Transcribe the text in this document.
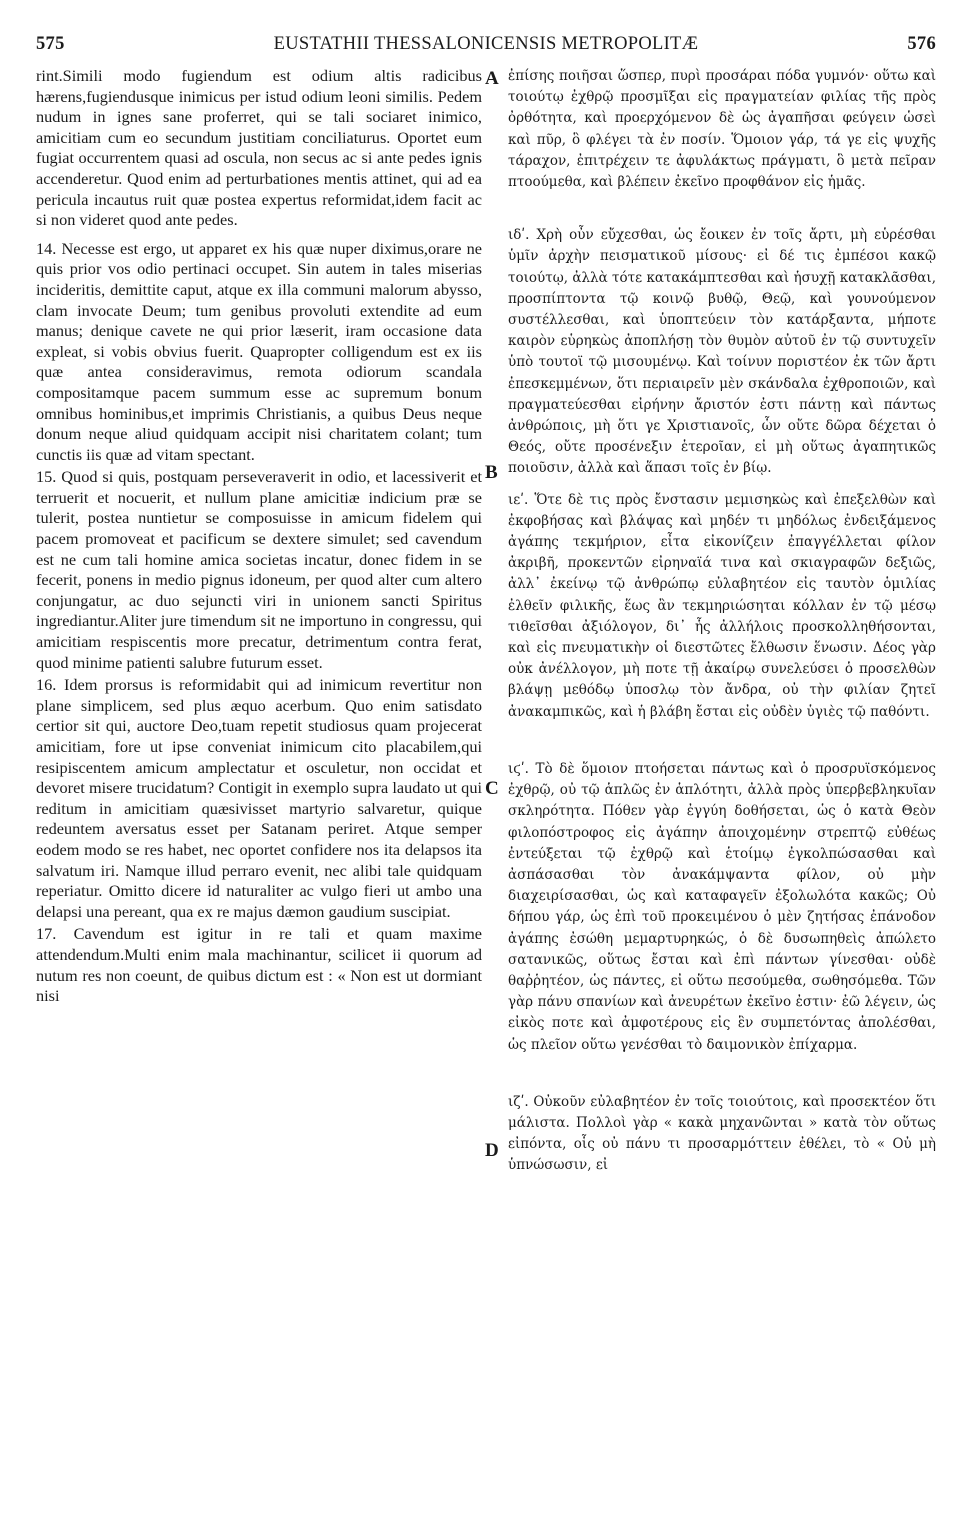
575	EUSTATHII THESSALONICENSIS METROPOLITÆ	576

rint.Simili modo fugiendum est odium altis radicibus hærens,fugiendusque inimicus per istud odium leoni similis. Pedem nudum in ignes sane proferret, qui se tali sociaret inimico, amicitiam cum eo secundum justitiam conciliaturus. Oportet eum fugiat occurrentem quasi ad oscula, non secus ac si ante pedes ignis accenderetur. Quod enim ad perturbationes mentis attinet, qui ad ea pericula incautus ruit quæ postea expertus reformidat,idem facit ac si non videret quod ante pedes.

14. Necesse est ergo, ut apparet ex his quæ nuper diximus,orare ne quis prior vos odio pertinaci occupet. Sin autem in tales miserias incideritis, demittite caput, atque ex illa communi malorum abysso, clam invocate Deum; tum genibus provoluti extendite ad eum manus; denique cavete ne qui prior læserit, iram occasione data expleat, si vobis obvius fuerit. Quapropter colligendum est ex iis quæ antea consideravimus, remota odiorum scandala compositamque pacem summum esse ac supremum bonum omnibus hominibus,et imprimis Christianis, a quibus Deus neque donum neque aliud quidquam accipit nisi charitatem colant; tum cunctis iis quæ ad vitam spectant.

15. Quod si quis, postquam perseveraverit in odio, et lacessiverit et terruerit et nocuerit, et nullum plane amicitiæ indicium præ se tulerit, postea nuntietur se composuisse in amicum fidelem qui pacem promoveat et pacificum se dextere simulet; sed cavendum est ne cum tali homine amica societas incatur, donec fidem in se fecerit, ponens in medio pignus idoneum, per quod alter cum altero conjungatur, ac duo sejuncti viri in unionem sancti Spiritus ingrediantur.Aliter jure timendum sit ne importuno in congressu, qui amicitiam respiscentis more precatur, detrimentum contra ferat, quod minime patienti salubre futurum esset.

16. Idem prorsus is reformidabit qui ad inimicum revertitur non plane simplicem, sed plus æquo acerbum. Quo enim satisdato certior sit qui, auctore Deo,tuam repetit studiosus quam projecerat amicitiam, fore ut ipse conveniat inimicum cito placabilem,qui resipiscentem amicum amplectatur et osculetur, non occidat et devoret misere trucidatum? Contigit in exemplo supra laudato ut qui reditum in amicitiam quæsivisset martyrio salvaretur, quique redeuntem aversatus esset per Satanam periret. Atque semper eodem modo se res habet, nec oportet confidere nos ita delapsos ita salvatum iri. Namque illud perraro evenit, nec alibi tale quidquam reperiatur. Omitto dicere id naturaliter ac vulgo fieri ut ambo una delapsi una pereant, qua ex re majus dæmon gaudium suscipiat.

17. Cavendum est igitur in re tali et quam maxime attendendum.Multi enim mala machinantur, scilicet ii quorum ad nutum res non coeunt, de quibus dictum est : « Non est ut dormiant nisi

ἐπίσης ποιῆσαι ὥσπερ, πυρὶ προσάραι πόδα γυμνόν· οὕτω καὶ τοιούτῳ ἐχθρῷ προσμῖξαι εἰς πραγματείαν φιλίας τῆς πρὸς ὀρθότητα, καὶ προερχόμενον δὲ ὡς ἀγαπῆσαι φεύγειν ὡσεὶ καὶ πῦρ, ὃ φλέγει τὰ ἐν ποσίν. Ὅμοιον γάρ, τά γε εἰς ψυχῆς τάραχον, ἐπιτρέχειν τε ἀφυλάκτως πράγματι, ὃ μετὰ πεῖραν πτοούμεθα, καὶ βλέπειν ἐκεῖνο προφθάνον εἰς ἡμᾶς.

ιδʹ. Χρὴ οὖν εὔχεσθαι, ὡς ἔοικεν ἐν τοῖς ἄρτι, μὴ εὑρέσθαι ὑμῖν ἀρχὴν πεισματικοῦ μίσους· εἰ δέ τις ἐμπέσοι κακῷ τοιούτῳ, ἀλλὰ τότε κατακάμπτεσθαι καὶ ἡσυχῇ κατακλᾶσθαι, προσπίπτοντα τῷ κοινῷ βυθῷ, Θεῷ, καὶ γουνούμενον συστέλλεσθαι, καὶ ὑποπτεύειν τὸν κατάρξαντα, μήποτε καιρὸν εὑρηκὼς ἀποπλήσῃ τὸν θυμὸν αὐτοῦ ἐν τῷ συντυχεῖν ὑπὸ τουτοϊ τῷ μισουμένῳ. Καὶ τοίνυν ποριστέον ἐκ τῶν ἄρτι ἐπεσκεμμένων, ὅτι περιαιρεῖν μὲν σκάνδαλα ἐχθροποιῶν, καὶ πραγματεύεσθαι εἰρήνην ἄριστόν ἐστι πάντῃ καὶ πάντως ἀνθρώποις, μὴ ὅτι γε Χριστιανοῖς, ὧν οὔτε δῶρα δέχεται ὁ Θεός, οὔτε προσένεξιν ἑτεροῖαν, εἰ μὴ οὕτως ἀγαπητικῶς ποιοῦσιν, ἀλλὰ καὶ ἅπασι τοῖς ἐν βίῳ.

ιεʹ. Ὅτε δὲ τις πρὸς ἔνστασιν μεμισηκὼς καὶ ἐπεξελθὼν καὶ ἐκφοβήσας καὶ βλάψας καὶ μηδέν τι μηδόλως ἐνδειξάμενος ἀγάπης τεκμήριον, εἶτα εἰκονίζειν ἐπαγγέλλεται φίλον ἀκριβῆ, προκεντῶν εἰρηναϊά τινα καὶ σκιαγραφῶν δεξιῶς, ἀλλ᾽ ἐκείνῳ τῷ ἀνθρώπῳ εὐλαβητέον εἰς ταυτὸν ὁμιλίας ἐλθεῖν φιλικῆς, ἕως ἂν τεκμηριώσηται κόλλαν ἐν τῷ μέσῳ τιθεῖσθαι ἀξιόλογον, δι᾽ ἧς ἀλλήλοις προσκολληθήσονται, καὶ εἰς πνευματικὴν οἱ διεστῶτες ἔλθωσιν ἕνωσιν. Δέος γὰρ οὐκ ἀνέλλογον, μὴ ποτε τῇ ἀκαίρῳ συνελεύσει ὁ προσελθὼν βλάψῃ μεθόδῳ ὑποσλῳ τὸν ἄνδρα, οὐ τὴν φιλίαν ζητεῖ ἀνακαμπικῶς, καὶ ἡ βλάβη ἔσται εἰς οὐδὲν ὑγιὲς τῷ παθόντι.

ιϛʹ. Τὸ δὲ ὅμοιον πτοήσεται πάντως καὶ ὁ προσρυϊσκόμενος ἐχθρῷ, οὐ τῷ ἁπλῶς ἐν ἁπλότητι, ἀλλὰ πρὸς ὑπερβεβληκυῖαν σκληρότητα. Πόθεν γὰρ ἐγγύη δοθήσεται, ὡς ὁ κατὰ Θεὸν φιλοπόστροφος εἰς ἀγάπην ἀποιχομένην στρεπτῷ εὐθέως ἐντεύξεται τῷ ἐχθρῷ καὶ ἑτοίμῳ ἐγκολπώσασθαι καὶ ἀσπάσασθαι τὸν ἀνακάμψαντα φίλον, οὐ μὴν διαχειρίσασθαι, ὡς καὶ καταφαγεῖν ἐξολωλότα κακῶς; Οὐ δήπου γάρ, ὡς ἐπὶ τοῦ προκειμένου ὁ μὲν ζητήσας ἐπάνοδον ἀγάπης ἐσώθη μεμαρτυρηκώς, ὁ δὲ δυσωπηθεὶς ἀπώλετο σατανικῶς, οὕτως ἔσται καὶ ἐπὶ πάντων γίνεσθαι· οὐδὲ θαῤῥητέον, ὡς πάντες, εἰ οὕτω πεσούμεθα, σωθησόμεθα. Τῶν γὰρ πάνυ σπανίων καὶ ἀνευρέτων ἐκεῖνο ἐστιν· ἐῶ λέγειν, ὡς εἰκὸς ποτε καὶ ἀμφοτέρους εἰς ἓν συμπετόντας ἀπολέσθαι, ὡς πλεῖον οὕτω γενέσθαι τὸ δαιμονικὸν ἐπίχαρμα.

ιζʹ. Οὐκοῦν εὐλαβητέον ἐν τοῖς τοιούτοις, καὶ προσεκτέον ὅτι μάλιστα. Πολλοὶ γὰρ « κακὰ μηχανῶνται » κατὰ τὸν οὕτως εἰπόντα, οἷς οὐ πάνυ τι προσαρμόττειν ἐθέλει, τὸ « Οὐ μὴ ὑπνώσωσιν, εἰ

A
B
C
D
